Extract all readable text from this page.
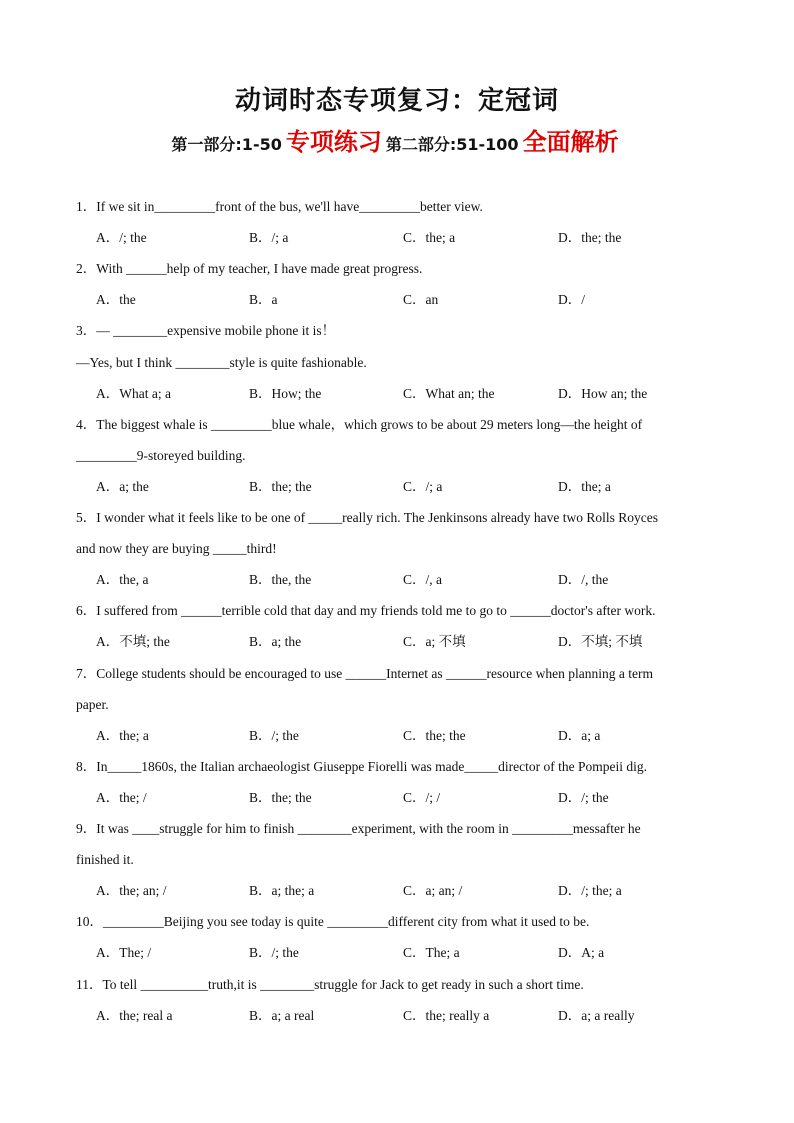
动词时态专项复习：定冠词
第一部分:1-50 专项练习 第二部分:51-100 全面解析
1．If we sit in_________front of the bus, we'll have_________better view.
A．/; the	B．/; a	C．the; a	D．the; the
2．With ______help of my teacher, I have made great progress.
A．the	B．a	C．an	D．/
3．— ________expensive mobile phone it is！
—Yes, but I think ________style is quite fashionable.
A．What a; a	B．How; the	C．What an; the	D．How an; the
4．The biggest whale is _________blue whale，which grows to be about 29 meters long—the height of
_________9-storeyed building.
A．a; the	B．the; the	C．/; a	D．the; a
5．I wonder what it feels like to be one of _____really rich. The Jenkinsons already have two Rolls Royces
and now they are buying _____third!
A．the, a	B．the, the	C．/, a	D．/, the
6．I suffered from ______terrible cold that day and my friends told me to go to ______doctor's after work.
A．不填; the	B．a; the	C．a; 不填	D．不填; 不填
7．College students should be encouraged to use ______Internet as ______resource when planning a term
paper.
A．the; a	B．/; the	C．the; the	D．a; a
8．In_____1860s, the Italian archaeologist Giuseppe Fiorelli was made_____director of the Pompeii dig.
A．the; /	B．the; the	C．/; /	D．/; the
9．It was ____struggle for him to finish ________experiment, with the room in _________messafter he
finished it.
A．the; an; /	B．a; the; a	C．a; an; /	D．/; the; a
10．_________Beijing you see today is quite _________different city from what it used to be.
A．The; /	B．/; the	C．The; a	D．A; a
11．To tell __________truth,it is ________struggle for Jack to get ready in such a short time.
A．the; real a	B．a; a real	C．the; really a	D．a; a really
